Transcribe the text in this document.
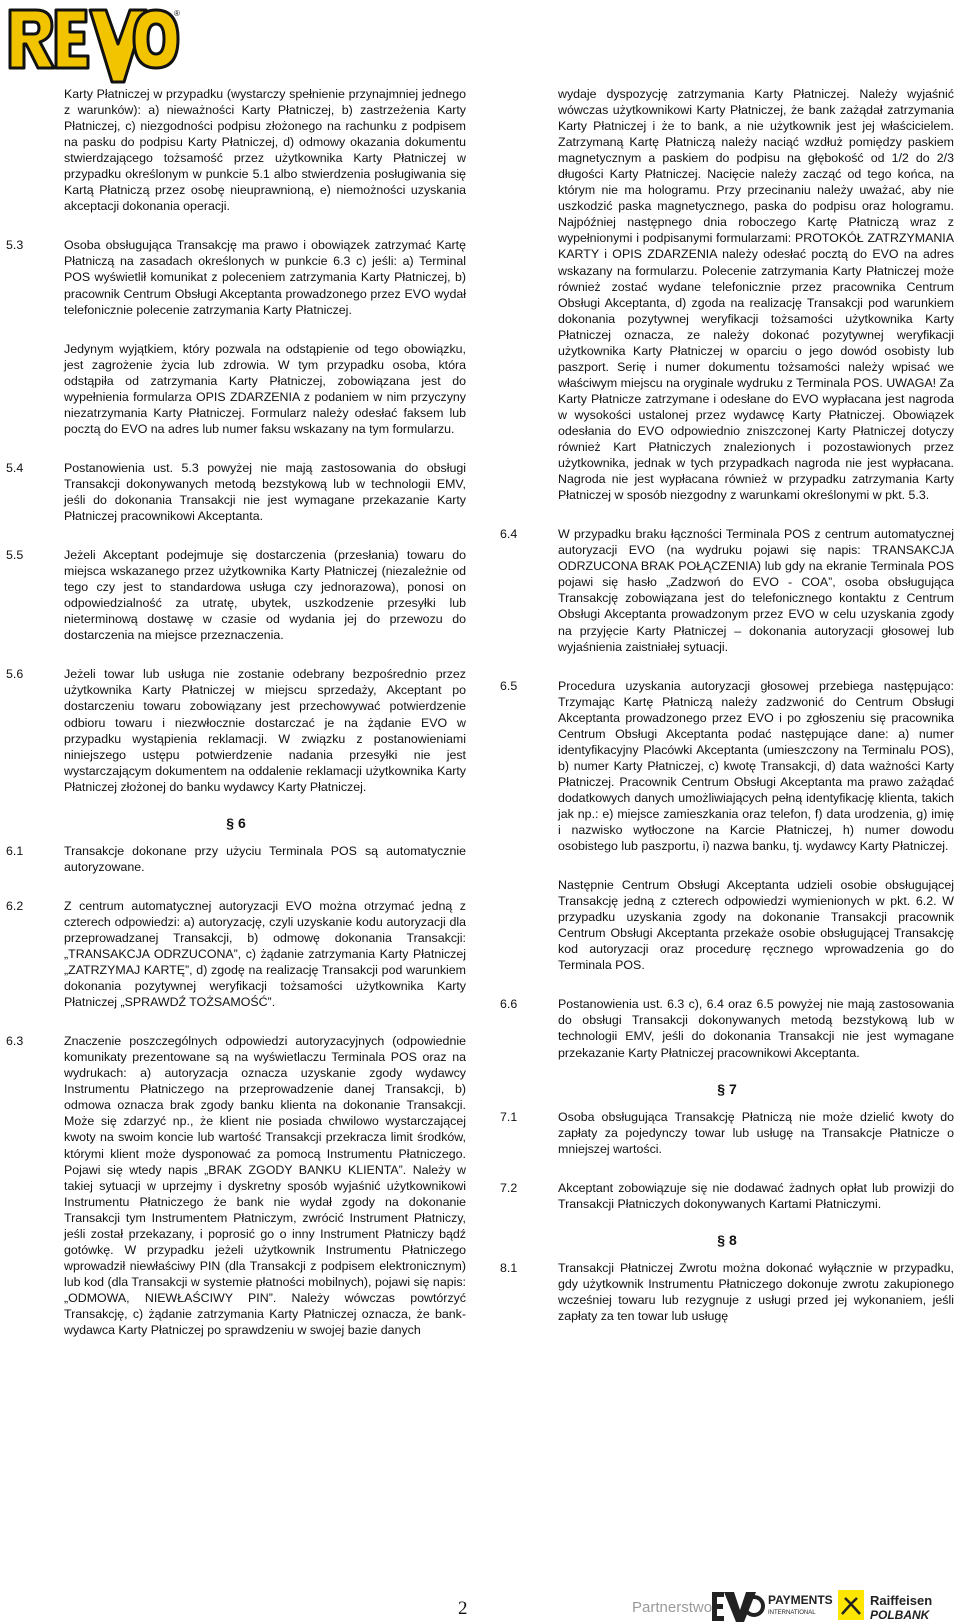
®

Karty Płatniczej w przypadku (wystarczy spełnienie przynajmniej jednego z warunków): a) nieważności Karty Płatniczej, b) zastrzeżenia Karty Płatniczej, c) niezgodności podpisu złożonego na rachunku z podpisem na pasku do podpisu Karty Płatniczej, d) odmowy okazania dokumentu stwierdzającego tożsamość przez użytkownika Karty Płatniczej w przypadku określonym w punkcie 5.1 albo stwierdzenia posługiwania się Kartą Płatniczą przez osobę nieuprawnioną, e) niemożności uzyskania akceptacji dokonania operacji.

5.3	Osoba obsługująca Transakcję ma prawo i obowiązek zatrzymać Kartę Płatniczą na zasadach określonych w punkcie 6.3 c) jeśli: a) Terminal POS wyświetlił komunikat z poleceniem zatrzymania Karty Płatniczej, b) pracownik Centrum Obsługi Akceptanta prowadzonego przez EVO wydał telefonicznie polecenie zatrzymania Karty Płatniczej.

Jedynym wyjątkiem, który pozwala na odstąpienie od tego obowiązku, jest zagrożenie życia lub zdrowia. W tym przypadku osoba, która odstąpiła od zatrzymania Karty Płatniczej, zobowiązana jest do wypełnienia formularza OPIS ZDARZENIA z podaniem w nim przyczyny niezatrzymania Karty Płatniczej. Formularz należy odesłać faksem lub pocztą do EVO na adres lub numer faksu wskazany na tym formularzu.

5.4	Postanowienia ust. 5.3 powyżej nie mają zastosowania do obsługi Transakcji dokonywanych metodą bezstykową lub w technologii EMV, jeśli do dokonania Transakcji nie jest wymagane przekazanie Karty Płatniczej pracownikowi Akceptanta.
5.5	Jeżeli Akceptant podejmuje się dostarczenia (przesłania) towaru do miejsca wskazanego przez użytkownika Karty Płatniczej (niezależnie od tego czy jest to standardowa usługa czy jednorazowa), ponosi on odpowiedzialność za utratę, ubytek, uszkodzenie przesyłki lub nieterminową dostawę w czasie od wydania jej do przewozu do dostarczenia na miejsce przeznaczenia.
5.6	Jeżeli towar lub usługa nie zostanie odebrany bezpośrednio przez użytkownika Karty Płatniczej w miejscu sprzedaży, Akceptant po dostarczeniu towaru zobowiązany jest przechowywać potwierdzenie odbioru towaru i niezwłocznie dostarczać je na żądanie EVO w przypadku wystąpienia reklamacji. W związku z postanowieniami niniejszego ustępu potwierdzenie nadania przesyłki nie jest wystarczającym dokumentem na oddalenie reklamacji użytkownika Karty Płatniczej złożonej do banku wydawcy Karty Płatniczej.

§ 6

6.1	Transakcje dokonane przy użyciu Terminala POS są automatycznie autoryzowane.
6.2	Z centrum automatycznej autoryzacji EVO można otrzymać jedną z czterech odpowiedzi: a) autoryzację, czyli uzyskanie kodu autoryzacji dla przeprowadzanej Transakcji, b) odmowę dokonania Transakcji: „TRANSAKCJA ODRZUCONA”, c) żądanie zatrzymania Karty Płatniczej „ZATRZYMAJ KARTĘ”, d) zgodę na realizację Transakcji pod warunkiem dokonania pozytywnej weryfikacji tożsamości użytkownika Karty Płatniczej „SPRAWDŹ TOŻSAMOŚĆ”.
6.3	Znaczenie poszczególnych odpowiedzi autoryzacyjnych (odpowiednie komunikaty prezentowane są na wyświetlaczu Terminala POS oraz na wydrukach: a) autoryzacja oznacza uzyskanie zgody wydawcy Instrumentu Płatniczego na przeprowadzenie danej Transakcji, b) odmowa oznacza brak zgody banku klienta na dokonanie Transakcji. Może się zdarzyć np., że klient nie posiada chwilowo wystarczającej kwoty na swoim koncie lub wartość Transakcji przekracza limit środków, którymi klient może dysponować za pomocą Instrumentu Płatniczego. Pojawi się wtedy napis „BRAK ZGODY BANKU KLIENTA”. Należy w takiej sytuacji w uprzejmy i dyskretny sposób wyjaśnić użytkownikowi Instrumentu Płatniczego że bank nie wydał zgody na dokonanie Transakcji tym Instrumentem Płatniczym, zwrócić Instrument Płatniczy, jeśli został przekazany, i poprosić go o inny Instrument Płatniczy bądź gotówkę. W przypadku jeżeli użytkownik Instrumentu Płatniczego wprowadził niewłaściwy PIN (dla Transakcji z podpisem elektronicznym) lub kod (dla Transakcji w systemie płatności mobilnych), pojawi się napis: „ODMOWA, NIEWŁAŚCIWY PIN”. Należy wówczas powtórzyć Transakcję, c) żądanie zatrzymania Karty Płatniczej oznacza, że bank-wydawca Karty Płatniczej po sprawdzeniu w swojej bazie danych

wydaje dyspozycję zatrzymania Karty Płatniczej. Należy wyjaśnić wówczas użytkownikowi Karty Płatniczej, że bank zażądał zatrzymania Karty Płatniczej i że to bank, a nie użytkownik jest jej właścicielem. Zatrzymaną Kartę Płatniczą należy naciąć wzdłuż pomiędzy paskiem magnetycznym a paskiem do podpisu na głębokość od 1/2 do 2/3 długości Karty Płatniczej. Nacięcie należy zacząć od tego końca, na którym nie ma hologramu. Przy przecinaniu należy uważać, aby nie uszkodzić paska magnetycznego, paska do podpisu oraz hologramu. Najpóźniej następnego dnia roboczego Kartę Płatniczą wraz z wypełnionymi i podpisanymi formularzami: PROTOKÓŁ ZATRZYMANIA KARTY i OPIS ZDARZENIA należy odesłać pocztą do EVO na adres wskazany na formularzu. Polecenie zatrzymania Karty Płatniczej może również zostać wydane telefonicznie przez pracownika Centrum Obsługi Akceptanta, d) zgoda na realizację Transakcji pod warunkiem dokonania pozytywnej weryfikacji tożsamości użytkownika Karty Płatniczej oznacza, ze należy dokonać pozytywnej weryfikacji użytkownika Karty Płatniczej w oparciu o jego dowód osobisty lub paszport. Serię i numer dokumentu tożsamości należy wpisać we właściwym miejscu na oryginale wydruku z Terminala POS. UWAGA! Za Karty Płatnicze zatrzymane i odesłane do EVO wypłacana jest nagroda w wysokości ustalonej przez wydawcę Karty Płatniczej. Obowiązek odesłania do EVO odpowiednio zniszczonej Karty Płatniczej dotyczy również Kart Płatniczych znalezionych i pozostawionych przez użytkownika, jednak w tych przypadkach nagroda nie jest wypłacana. Nagroda nie jest wypłacana również w przypadku zatrzymania Karty Płatniczej w sposób niezgodny z warunkami określonymi w pkt. 5.3.

6.4	W przypadku braku łączności Terminala POS z centrum automatycznej autoryzacji EVO (na wydruku pojawi się napis: TRANSAKCJA ODRZUCONA BRAK POŁĄCZENIA) lub gdy na ekranie Terminala POS pojawi się hasło „Zadzwoń do EVO - COA”, osoba obsługująca Transakcję zobowiązana jest do telefonicznego kontaktu z Centrum Obsługi Akceptanta prowadzonym przez EVO w celu uzyskania zgody na przyjęcie Karty Płatniczej – dokonania autoryzacji głosowej lub wyjaśnienia zaistniałej sytuacji.
6.5	Procedura uzyskania autoryzacji głosowej przebiega następująco: Trzymając Kartę Płatniczą należy zadzwonić do Centrum Obsługi Akceptanta prowadzonego przez EVO i po zgłoszeniu się pracownika Centrum Obsługi Akceptanta podać następujące dane: a) numer identyfikacyjny Placówki Akceptanta (umieszczony na Terminalu POS), b) numer Karty Płatniczej, c) kwotę Transakcji, d) data ważności Karty Płatniczej. Pracownik Centrum Obsługi Akceptanta ma prawo zażądać dodatkowych danych umożliwiających pełną identyfikację klienta, takich jak np.: e) miejsce zamieszkania oraz telefon, f) data urodzenia, g) imię i nazwisko wytłoczone na Karcie Płatniczej, h) numer dowodu osobistego lub paszportu, i) nazwa banku, tj. wydawcy Karty Płatniczej.

Następnie Centrum Obsługi Akceptanta udzieli osobie obsługującej Transakcję jedną z czterech odpowiedzi wymienionych w pkt. 6.2. W przypadku uzyskania zgody na dokonanie Transakcji pracownik Centrum Obsługi Akceptanta przekaże osobie obsługującej Transakcję kod autoryzacji oraz procedurę ręcznego wprowadzenia go do Terminala POS.

6.6	Postanowienia ust. 6.3 c), 6.4 oraz 6.5 powyżej nie mają zastosowania do obsługi Transakcji dokonywanych metodą bezstykową lub w technologii EMV, jeśli do dokonania Transakcji nie jest wymagane przekazanie Karty Płatniczej pracownikowi Akceptanta.

§ 7

7.1	Osoba obsługująca Transakcję Płatniczą nie może dzielić kwoty do zapłaty za pojedynczy towar lub usługę na Transakcje Płatnicze o mniejszej wartości.
7.2	Akceptant zobowiązuje się nie dodawać żadnych opłat lub prowizji do Transakcji Płatniczych dokonywanych Kartami Płatniczymi.

§ 8

8.1	Transakcji Płatniczej Zwrotu można dokonać wyłącznie w przypadku, gdy użytkownik Instrumentu Płatniczego dokonuje zwrotu zakupionego wcześniej towaru lub rezygnuje z usługi przed jej wykonaniem, jeśli zapłaty za ten towar lub usługę
2	Partnerstwo	PAYMENTS
INTERNATIONAL
Raiffeisen
POLBANK
